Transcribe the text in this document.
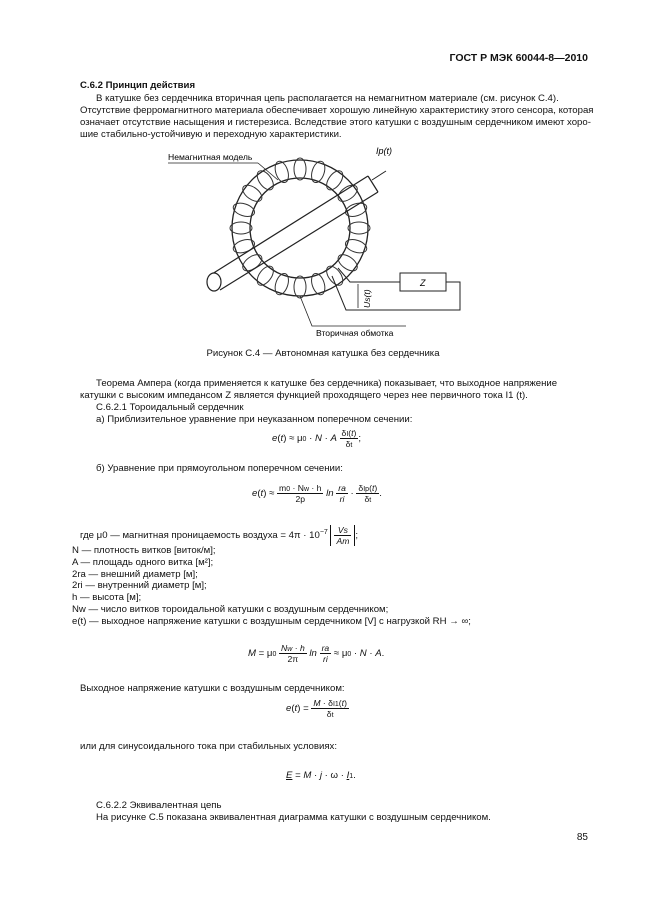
ГОСТ Р МЭК 60044-8—2010
С.6.2 Принцип действия
В катушке без сердечника вторичная цепь располагается на немагнитном материале (см. рисунок С.4).
Отсутствие ферромагнитного материала обеспечивает хорошую линейную характеристику этого сенсора, которая
означает отсутствие насыщения и гистерезиса. Вследствие этого катушки с воздушным сердечником имеют хоро-
шие стабильно-устойчивую и переходную характеристики.
Ip(t)
Немагнитная модель
Z
Us(t)
Вторичная обмотка
Рисунок С.4 — Автономная катушка без сердечника
Теорема Ампера (когда применяется к катушке без сердечника) показывает, что выходное напряжение
катушки с высоким импедансом Z является функцией проходящего через нее первичного тока I1 (t).
С.6.2.1 Тороидальный сердечник
а) Приблизительное уравнение при неуказанном поперечном сечении:
e(t) ≈ μ0 · N · A $\frac{\delta I(t)}{\delta t}$ ;
б) Уравнение при прямоугольном поперечном сечении:
$e(t) \approx \frac{m0 \cdot Nw \cdot h}{2p}$ $\ln \frac{ra}{ri} \cdot \frac{\text{δIp(t)}}{\delta t}$ .
где μ0 — магнитная проницаемость воздуха = $4\pi \cdot 10^{-7} \frac{Vs}{Am}$ ;
N — плотность витков [виток/м];
A — площадь одного витка [м²];
2ra — внешний диаметр [м];
2ri — внутренний диаметр [м];
h — высота [м];
Nw — число витков тороидальной катушки с воздушным сердечником;
e(t) — выходное напряжение катушки с воздушным сердечником [V] с нагрузкой RH → ∞;
$M = \mu 0 \frac{Nw \cdot h}{2\pi}$ $\ln \frac{ra}{ri} \approx \mu 0 \cdot N \cdot A$.
Выходное напряжение катушки с воздушным сердечником:
$e(t) = \frac{M \cdot \delta I1(t)}{\delta t}$
или для синусоидального тока при стабильных условиях:
E = M · j · ω · I1.
С.6.2.2 Эквивалентная цепь
На рисунке С.5 показана эквивалентная диаграмма катушки с воздушным сердечником.
85
